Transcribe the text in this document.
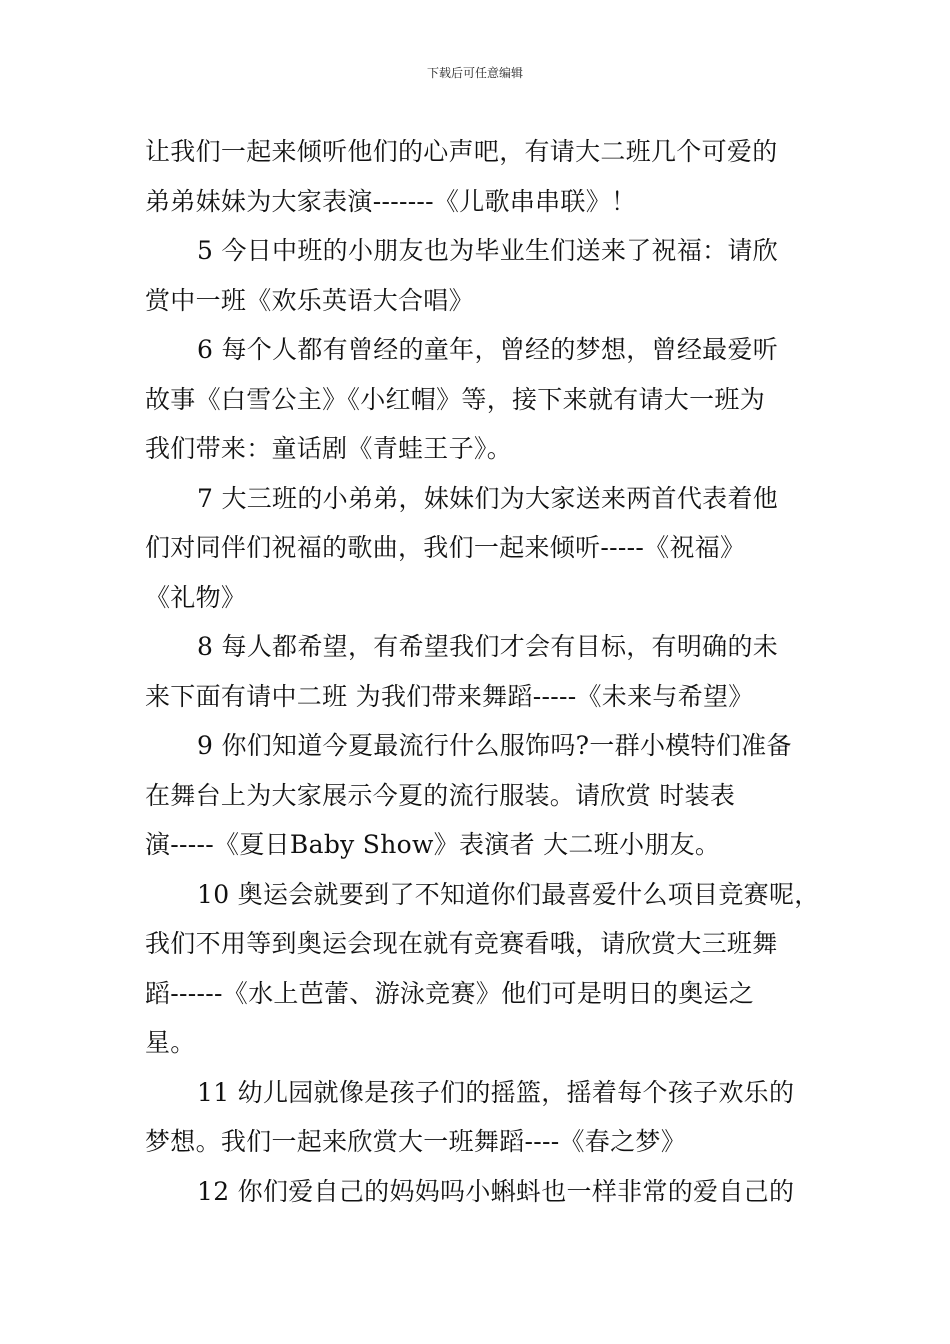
下载后可任意编辑
让我们一起来倾听他们的心声吧，有请大二班几个可爱的
弟弟妹妹为大家表演-------《儿歌串串联》！
5 今日中班的小朋友也为毕业生们送来了祝福：请欣
赏中一班《欢乐英语大合唱》
6 每个人都有曾经的童年，曾经的梦想，曾经最爱听
故事《白雪公主》《小红帽》等，接下来就有请大一班为
我们带来：童话剧《青蛙王子》。
7 大三班的小弟弟，妹妹们为大家送来两首代表着他
们对同伴们祝福的歌曲，我们一起来倾听-----《祝福》
《礼物》
8 每人都希望，有希望我们才会有目标，有明确的未
来下面有请中二班 为我们带来舞蹈-----《未来与希望》
9 你们知道今夏最流行什么服饰吗?一群小模特们准备
在舞台上为大家展示今夏的流行服装。请欣赏 时装表
演-----《夏日Baby Show》表演者 大二班小朋友。
10 奥运会就要到了不知道你们最喜爱什么项目竞赛呢，
我们不用等到奥运会现在就有竞赛看哦，请欣赏大三班舞
蹈------《水上芭蕾、游泳竞赛》他们可是明日的奥运之
星。
11 幼儿园就像是孩子们的摇篮，摇着每个孩子欢乐的
梦想。我们一起来欣赏大一班舞蹈----《春之梦》
12 你们爱自己的妈妈吗小蝌蚪也一样非常的爱自己的
